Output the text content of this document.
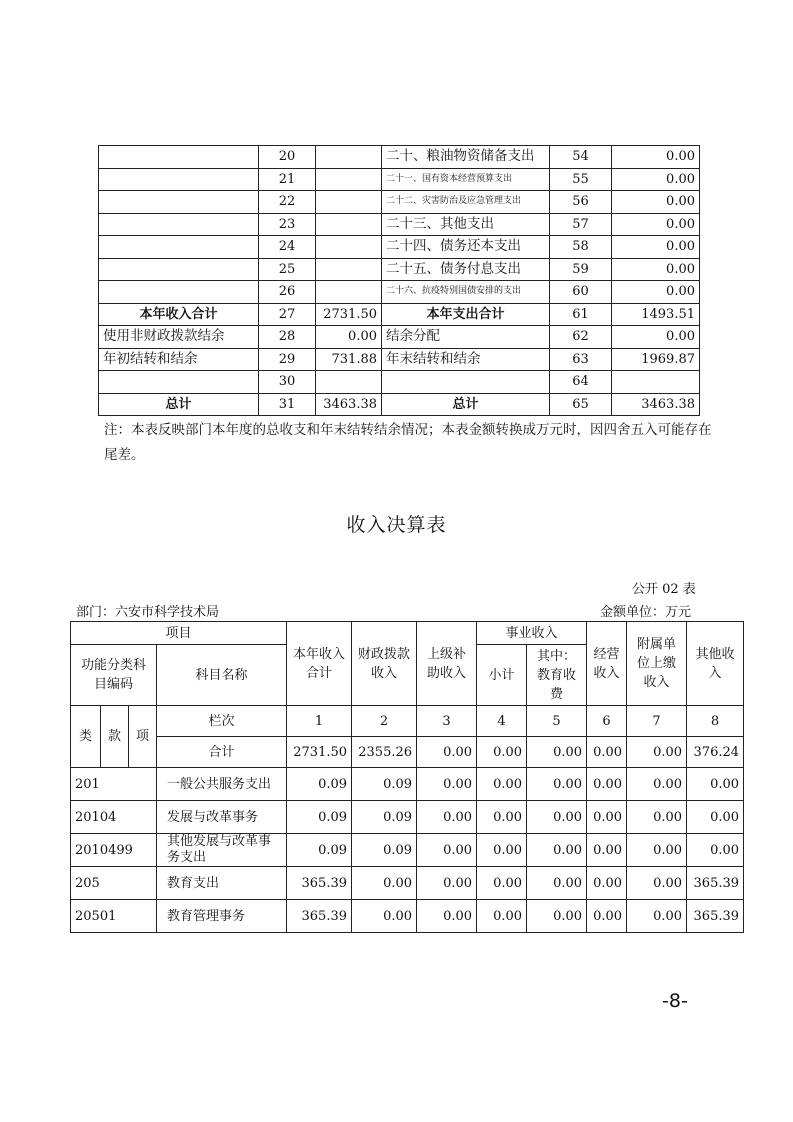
	20		二十、粮油物资储备支出	54	0.00
	21		二十一、国有资本经营预算支出	55	0.00
	22		二十二、灾害防治及应急管理支出	56	0.00
	23		二十三、其他支出	57	0.00
	24		二十四、债务还本支出	58	0.00
	25		二十五、债务付息支出	59	0.00
	26		二十六、抗疫特别国债安排的支出	60	0.00
本年收入合计	27	2731.50	本年支出合计	61	1493.51
使用非财政拨款结余	28	0.00	结余分配	62	0.00
年初结转和结余	29	731.88	年末结转和结余	63	1969.87
	30			64	
总计	31	3463.38	总计	65	3463.38
注：本表反映部门本年度的总收支和年末结转结余情况；本表金额转换成万元时，因四舍五入可能存在尾差。
收入决算表
公开 02 表
部门：六安市科学技术局	金额单位：万元
项目				本年收入合计	财政拨款收入	上级补助收入	事业收入		经营收入	附属单位上缴收入	其他收入
功能分类科目编码			科目名称								
							小计	其中：教育收费			
类	款	项	栏次	1	2	3	4	5	6	7	8
			合计	2731.50	2355.26	0.00	0.00	0.00	0.00	0.00	376.24
201			一般公共服务支出	0.09	0.09	0.00	0.00	0.00	0.00	0.00	0.00
20104			发展与改革事务	0.09	0.09	0.00	0.00	0.00	0.00	0.00	0.00
2010499			其他发展与改革事务支出	0.09	0.09	0.00	0.00	0.00	0.00	0.00	0.00
205			教育支出	365.39	0.00	0.00	0.00	0.00	0.00	0.00	365.39
20501			教育管理事务	365.39	0.00	0.00	0.00	0.00	0.00	0.00	365.39
-8-
